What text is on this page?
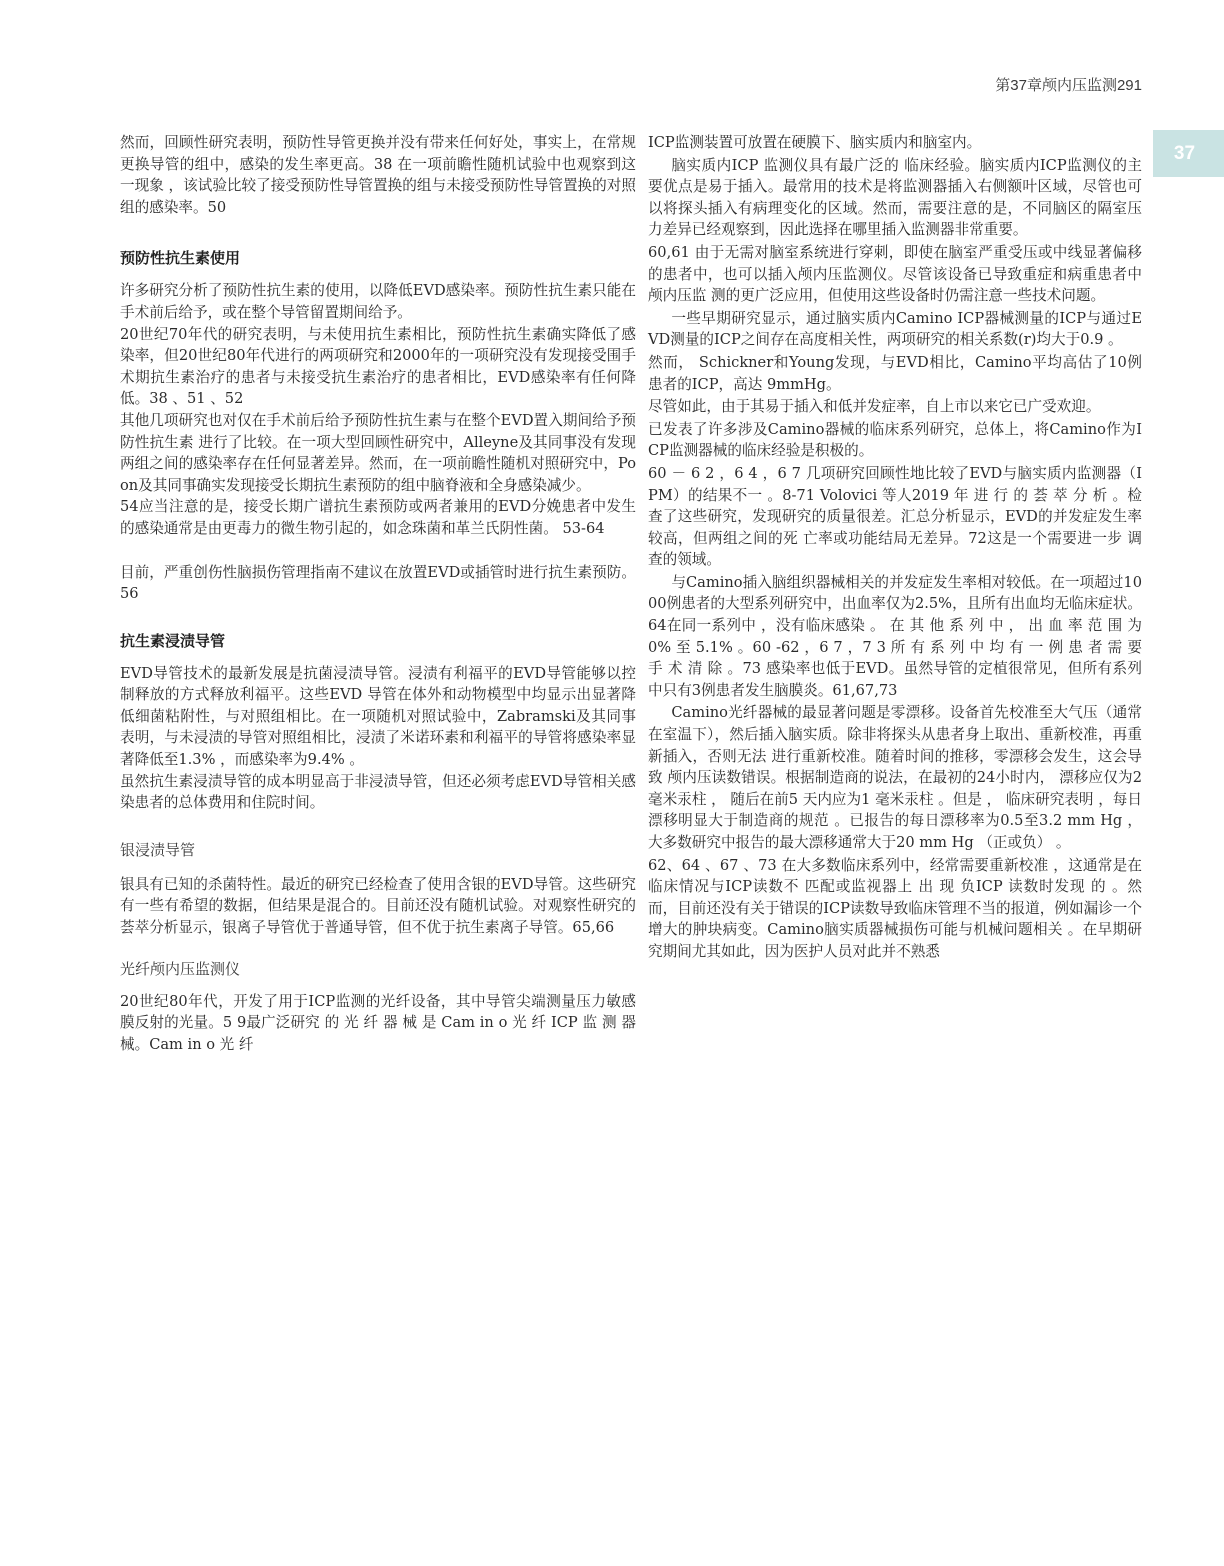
第37章颅内压监测291
37

然而，回顾性研究表明，预防性导管更换并没有带来任何好处，事实上，在常规更换导管的组中，感染的发生率更高。38 在一项前瞻性随机试验中也观察到这一现象 ，该试验比较了接受预防性导管置换的组与未接受预防性导管置换的对照组的感染率。50

预防性抗生素使用

许多研究分析了预防性抗生素的使用，以降低EVD感染率。预防性抗生素只能在手术前后给予，或在整个导管留置期间给予。

20世纪70年代的研究表明，与未使用抗生素相比，预防性抗生素确实降低了感染率，但20世纪80年代进行的两项研究和2000年的一项研究没有发现接受围手术期抗生素治疗的患者与未接受抗生素治疗的患者相比，EVD感染率有任何降低。38 、51 、52

其他几项研究也对仅在手术前后给予预防性抗生素与在整个EVD置入期间给予预防性抗生素 进行了比较。在一项大型回顾性研究中，Alleyne及其同事没有发现两组之间的感染率存在任何显著差异。然而，在一项前瞻性随机对照研究中，Poon及其同事确实发现接受长期抗生素预防的组中脑脊液和全身感染减少。

54应当注意的是，接受长期广谱抗生素预防或两者兼用的EVD分娩患者中发生的感染通常是由更毒力的微生物引起的，如念珠菌和革兰氏阴性菌。 53-64

目前，严重创伤性脑损伤管理指南不建议在放置EVD或插管时进行抗生素预防。56

抗生素浸渍导管

EVD导管技术的最新发展是抗菌浸渍导管。浸渍有利福平的EVD导管能够以控制释放的方式释放利福平。这些EVD 导管在体外和动物模型中均显示出显著降低细菌粘附性，与对照组相比。在一项随机对照试验中，Zabramski及其同事表明，与未浸渍的导管对照组相比，浸渍了米诺环素和利福平的导管将感染率显著降低至1.3% ，而感染率为9.4% 。

虽然抗生素浸渍导管的成本明显高于非浸渍导管，但还必须考虑EVD导管相关感染患者的总体费用和住院时间。

银浸渍导管

银具有已知的杀菌特性。最近的研究已经检查了使用含银的EVD导管。这些研究有一些有希望的数据，但结果是混合的。目前还没有随机试验。对观察性研究的 荟萃分析显示，银离子导管优于普通导管，但不优于抗生素离子导管。65,66

光纤颅内压监测仪

20世纪80年代，开发了用于ICP监测的光纤设备，其中导管尖端测量压力敏感膜反射的光量。5 9最广泛研究 的 光 纤 器 械 是 Cam in o 光 纤 ICP 监 测 器 械。Cam in o 光 纤

ICP监测装置可放置在硬膜下、脑实质内和脑室内。

脑实质内ICP 监测仪具有最广泛的 临床经验。脑实质内ICP监测仪的主要优点是易于插入。最常用的技术是将监测器插入右侧额叶区域，尽管也可以将探头插入有病理变化的区域。然而，需要注意的是，不同脑区的隔室压力差异已经观察到，因此选择在哪里插入监测器非常重要。

60,61 由于无需对脑室系统进行穿刺，即使在脑室严重受压或中线显著偏移的患者中，也可以插入颅内压监测仪。尽管该设备已导致重症和病重患者中颅内压监 测的更广泛应用，但使用这些设备时仍需注意一些技术问题。

一些早期研究显示，通过脑实质内Camino ICP器械测量的ICP与通过EVD测量的ICP之间存在高度相关性，两项研究的相关系数(r)均大于0.9 。

然而， Schickner和Young发现，与EVD相比，Camino平均高估了10例患者的ICP，高达 9mmHg。

尽管如此，由于其易于插入和低并发症率，自上市以来它已广受欢迎。

已发表了许多涉及Camino器械的临床系列研究，总体上，将Camino作为ICP监测器械的临床经验是积极的。

60 － 6 2 ，6 4 ，6 7 几项研究回顾性地比较了EVD与脑实质内监测器（IPM）的结果不一 。8-71 Volovici 等人2019 年 进 行 的 荟 萃 分 析 。检查了这些研究，发现研究的质量很差。汇总分析显示，EVD的并发症发生率较高，但两组之间的死 亡率或功能结局无差异。72这是一个需要进一步 调查的领域。

与Camino插入脑组织器械相关的并发症发生率相对较低。在一项超过1000例患者的大型系列研究中，出血率仅为2.5%，且所有出血均无临床症状。64在同一系列中 ，没有临床感染 。 在 其 他 系 列 中 ， 出 血 率 范 围 为 0% 至 5.1% 。60 -62 ，6 7 ，7 3 所 有 系 列 中 均 有 一 例 患 者 需 要 手 术 清 除 。73 感染率也低于EVD。虽然导管的定植很常见，但所有系列中只有3例患者发生脑膜炎。61,67,73

Camino光纤器械的最显著问题是零漂移。设备首先校准至大气压（通常在室温下），然后插入脑实质。除非将探头从患者身上取出、重新校准，再重新插入，否则无法 进行重新校准。随着时间的推移，零漂移会发生，这会导致 颅内压读数错误。根据制造商的说法，在最初的24小时内， 漂移应仅为2 毫米汞柱 ， 随后在前5 天内应为1 毫米汞柱 。但是 ， 临床研究表明 ，每日漂移明显大于制造商的规范 。已报告的每日漂移率为0.5至3.2 mm Hg ，大多数研究中报告的最大漂移通常大于20 mm Hg （正或负） 。

62、64 、67 、73 在大多数临床系列中，经常需要重新校准 ，这通常是在临床情况与ICP读数不 匹配或监视器上 出 现 负ICP 读数时发现 的 。然而，目前还没有关于错误的ICP读数导致临床管理不当的报道，例如漏诊一个增大的肿块病变。Camino脑实质器械损伤可能与机械问题相关 。在早期研究期间尤其如此，因为医护人员对此并不熟悉
